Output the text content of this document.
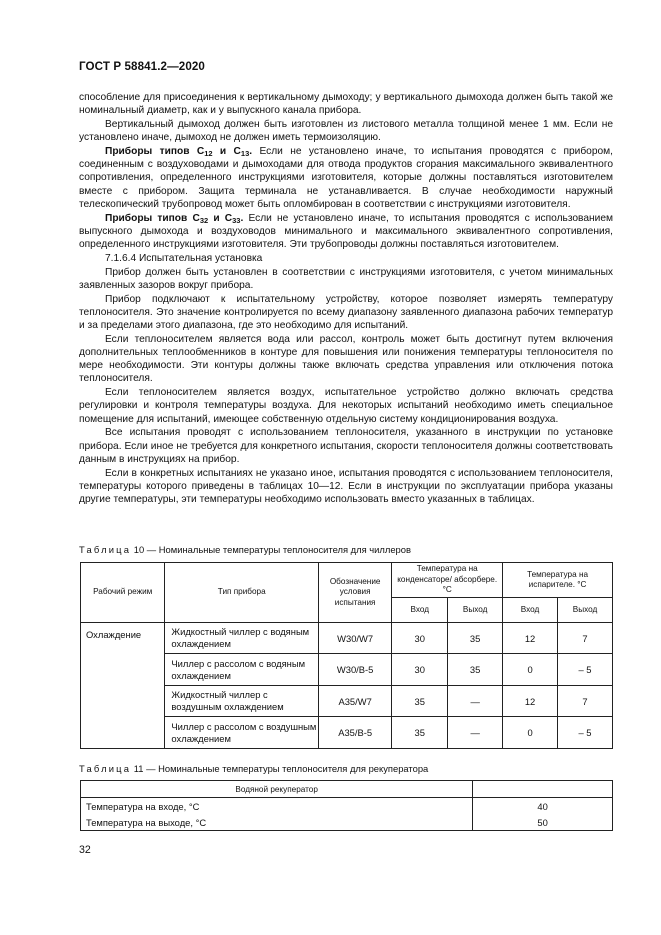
ГОСТ Р 58841.2—2020

способление для присоединения к вертикальному дымоходу; у вертикального дымохода должен быть такой же номинальный диаметр, как и у выпускного канала прибора.

Вертикальный дымоход должен быть изготовлен из листового металла толщиной менее 1 мм. Если не установлено иначе, дымоход не должен иметь термоизоляцию.

Приборы типов $С_{12}$ и $С_{13}$. Если не установлено иначе, то испытания проводятся с прибором, соединенным с воздуховодами и дымоходами для отвода продуктов сгорания максимального эквивалентного сопротивления, определенного инструкциями изготовителя, которые должны поставляться изготовителем вместе с прибором. Защита терминала не устанавливается. В случае необходимости наружный телескопический трубопровод может быть опломбирован в соответствии с инструкциями изготовителя.

Приборы типов $С_{32}$ и $С_{33}$. Если не установлено иначе, то испытания проводятся с использованием выпускного дымохода и воздуховодов минимального и максимального эквивалентного сопротивления, определенного инструкциями изготовителя. Эти трубопроводы должны поставляться изготовителем.

7.1.6.4 Испытательная установка

Прибор должен быть установлен в соответствии с инструкциями изготовителя, с учетом минимальных заявленных зазоров вокруг прибора.

Прибор подключают к испытательному устройству, которое позволяет измерять температуру теплоносителя. Это значение контролируется по всему диапазону заявленного диапазона рабочих температур и за пределами этого диапазона, где это необходимо для испытаний.

Если теплоносителем является вода или рассол, контроль может быть достигнут путем включения дополнительных теплообменников в контуре для повышения или понижения температуры теплоносителя по мере необходимости. Эти контуры должны также включать средства управления или отключения потока теплоносителя.

Если теплоносителем является воздух, испытательное устройство должно включать средства регулировки и контроля температуры воздуха. Для некоторых испытаний необходимо иметь специальное помещение для испытаний, имеющее собственную отдельную систему кондиционирования воздуха.

Все испытания проводят с использованием теплоносителя, указанного в инструкции по установке прибора. Если иное не требуется для конкретного испытания, скорости теплоносителя должны соответствовать данным в инструкциях на прибор.

Если в конкретных испытаниях не указано иное, испытания проводятся с использованием теплоносителя, температуры которого приведены в таблицах 10—12. Если в инструкции по эксплуатации прибора указаны другие температуры, эти температуры необходимо использовать вместо указанных в таблицах.

Таблица 10 — Номинальные температуры теплоносителя для чиллеров
Рабочий режим	Тип прибора	Обозначение условия испытания	Температура на конденсаторе/ абсорбере. °С		Температура на испарителе. °С	
			Вход	Выход	Вход	Выход
Охлаждение	Жидкостный чиллер с водяным охлаждением	W30/W7	30	35	12	7
	Чиллер с рассолом с водяным охлаждением	W30/B-5	30	35	0	– 5
	Жидкостный чиллер с воздушным охлаждением	A35/W7	35	—	12	7
	Чиллер с рассолом с воздушным охлаждением	A35/B-5	35	—	0	– 5
Таблица 11 — Номинальные температуры теплоносителя для рекуператора
Водяной рекуператор	
Температура на входе, °С	40
Температура на выходе, °С	50
32
